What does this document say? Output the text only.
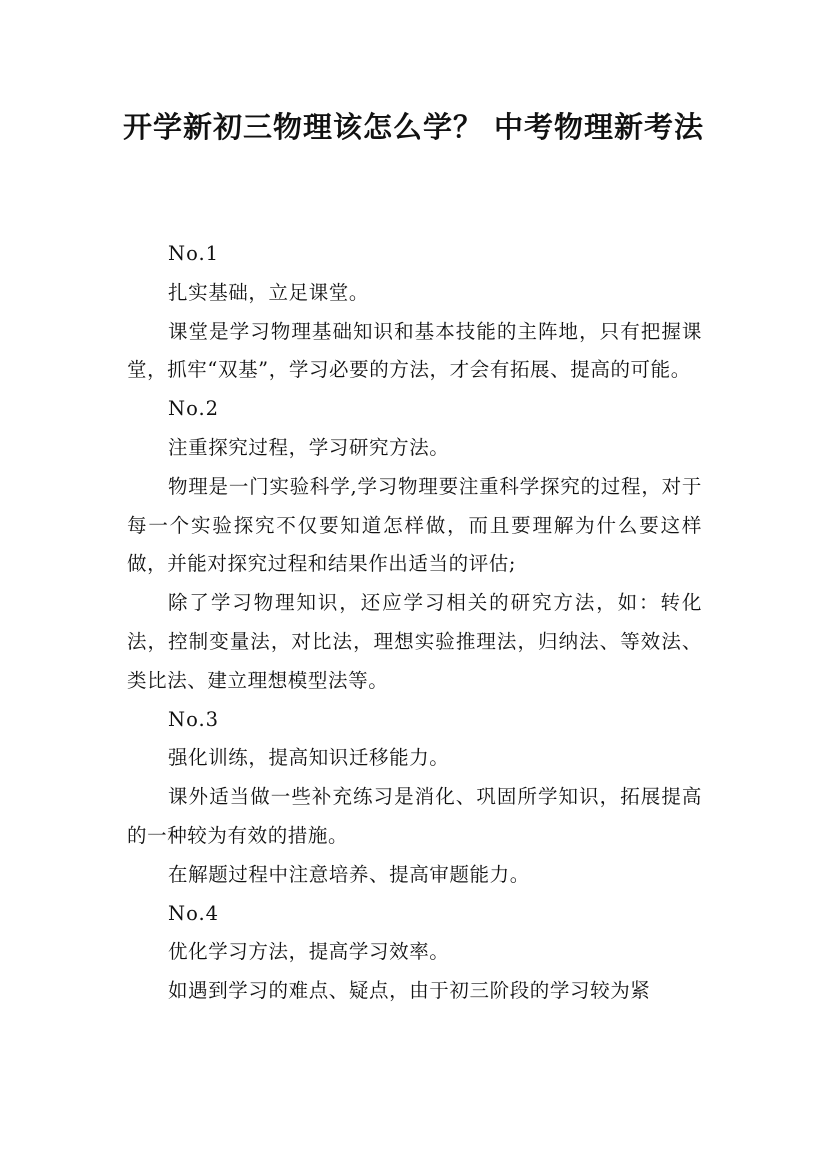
开学新初三物理该怎么学？ 中考物理新考法

No.1

扎实基础，立足课堂。

课堂是学习物理基础知识和基本技能的主阵地，只有把握课堂，抓牢“双基”，学习必要的方法，才会有拓展、提高的可能。

No.2

注重探究过程，学习研究方法。

物理是一门实验科学,学习物理要注重科学探究的过程，对于每一个实验探究不仅要知道怎样做，而且要理解为什么要这样做，并能对探究过程和结果作出适当的评估;

除了学习物理知识，还应学习相关的研究方法，如：转化法，控制变量法，对比法，理想实验推理法，归纳法、等效法、类比法、建立理想模型法等。

No.3

强化训练，提高知识迁移能力。

课外适当做一些补充练习是消化、巩固所学知识，拓展提高的一种较为有效的措施。

在解题过程中注意培养、提高审题能力。

No.4

优化学习方法，提高学习效率。

如遇到学习的难点、疑点，由于初三阶段的学习较为紧
